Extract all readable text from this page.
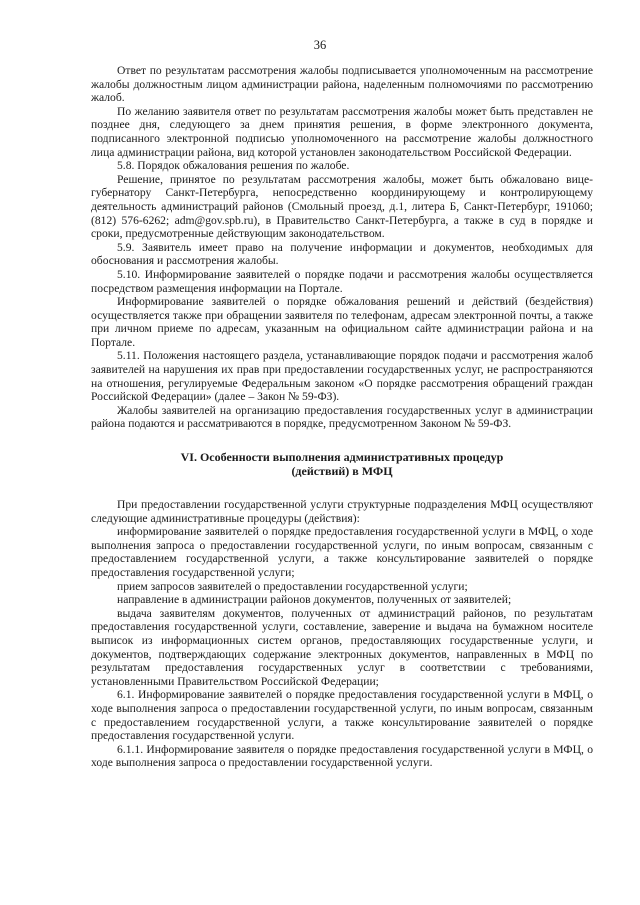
36

Ответ по результатам рассмотрения жалобы подписывается уполномоченным на рассмотрение жалобы должностным лицом администрации района, наделенным полномочиями по рассмотрению жалоб.

По желанию заявителя ответ по результатам рассмотрения жалобы может быть представлен не позднее дня, следующего за днем принятия решения, в форме электронного документа, подписанного электронной подписью уполномоченного на рассмотрение жалобы должностного лица администрации района, вид которой установлен законодательством Российской Федерации.

5.8. Порядок обжалования решения по жалобе.

Решение, принятое по результатам рассмотрения жалобы, может быть обжаловано вице-губернатору Санкт-Петербурга, непосредственно координирующему и контролирующему деятельность администраций районов (Смольный проезд, д.1, литера Б, Санкт-Петербург, 191060; (812) 576-6262; adm@gov.spb.ru), в Правительство Санкт-Петербурга, а также в суд в порядке и сроки, предусмотренные действующим законодательством.

5.9. Заявитель имеет право на получение информации и документов, необходимых для обоснования и рассмотрения жалобы.

5.10. Информирование заявителей о порядке подачи и рассмотрения жалобы осуществляется посредством размещения информации на Портале.

Информирование заявителей о порядке обжалования решений и действий (бездействия) осуществляется также при обращении заявителя по телефонам, адресам электронной почты, а также при личном приеме по адресам, указанным на официальном сайте администрации района и на Портале.

5.11. Положения настоящего раздела, устанавливающие порядок подачи и рассмотрения жалоб заявителей на нарушения их прав при предоставлении государственных услуг, не распространяются на отношения, регулируемые Федеральным законом «О порядке рассмотрения обращений граждан Российской Федерации» (далее – Закон № 59-ФЗ).

Жалобы заявителей на организацию предоставления государственных услуг в администрации района подаются и рассматриваются в порядке, предусмотренном Законом № 59-ФЗ.

VI. Особенности выполнения административных процедур
(действий) в МФЦ

При предоставлении государственной услуги структурные подразделения МФЦ осуществляют следующие административные процедуры (действия):

информирование заявителей о порядке предоставления государственной услуги в МФЦ, о ходе выполнения запроса о предоставлении государственной услуги, по иным вопросам, связанным с предоставлением государственной услуги, а также консультирование заявителей о порядке предоставления государственной услуги;

прием запросов заявителей о предоставлении государственной услуги;

направление в администрации районов документов, полученных от заявителей;

выдача заявителям документов, полученных от администраций районов, по результатам предоставления государственной услуги, составление, заверение и выдача на бумажном носителе выписок из информационных систем органов, предоставляющих государственные услуги, и документов, подтверждающих содержание электронных документов, направленных в МФЦ по результатам предоставления государственных услуг в соответствии с требованиями, установленными Правительством Российской Федерации;

6.1. Информирование заявителей о порядке предоставления государственной услуги в МФЦ, о ходе выполнения запроса о предоставлении государственной услуги, по иным вопросам, связанным с предоставлением государственной услуги, а также консультирование заявителей о порядке предоставления государственной услуги.

6.1.1. Информирование заявителя о порядке предоставления государственной услуги в МФЦ, о ходе выполнения запроса о предоставлении государственной услуги.
